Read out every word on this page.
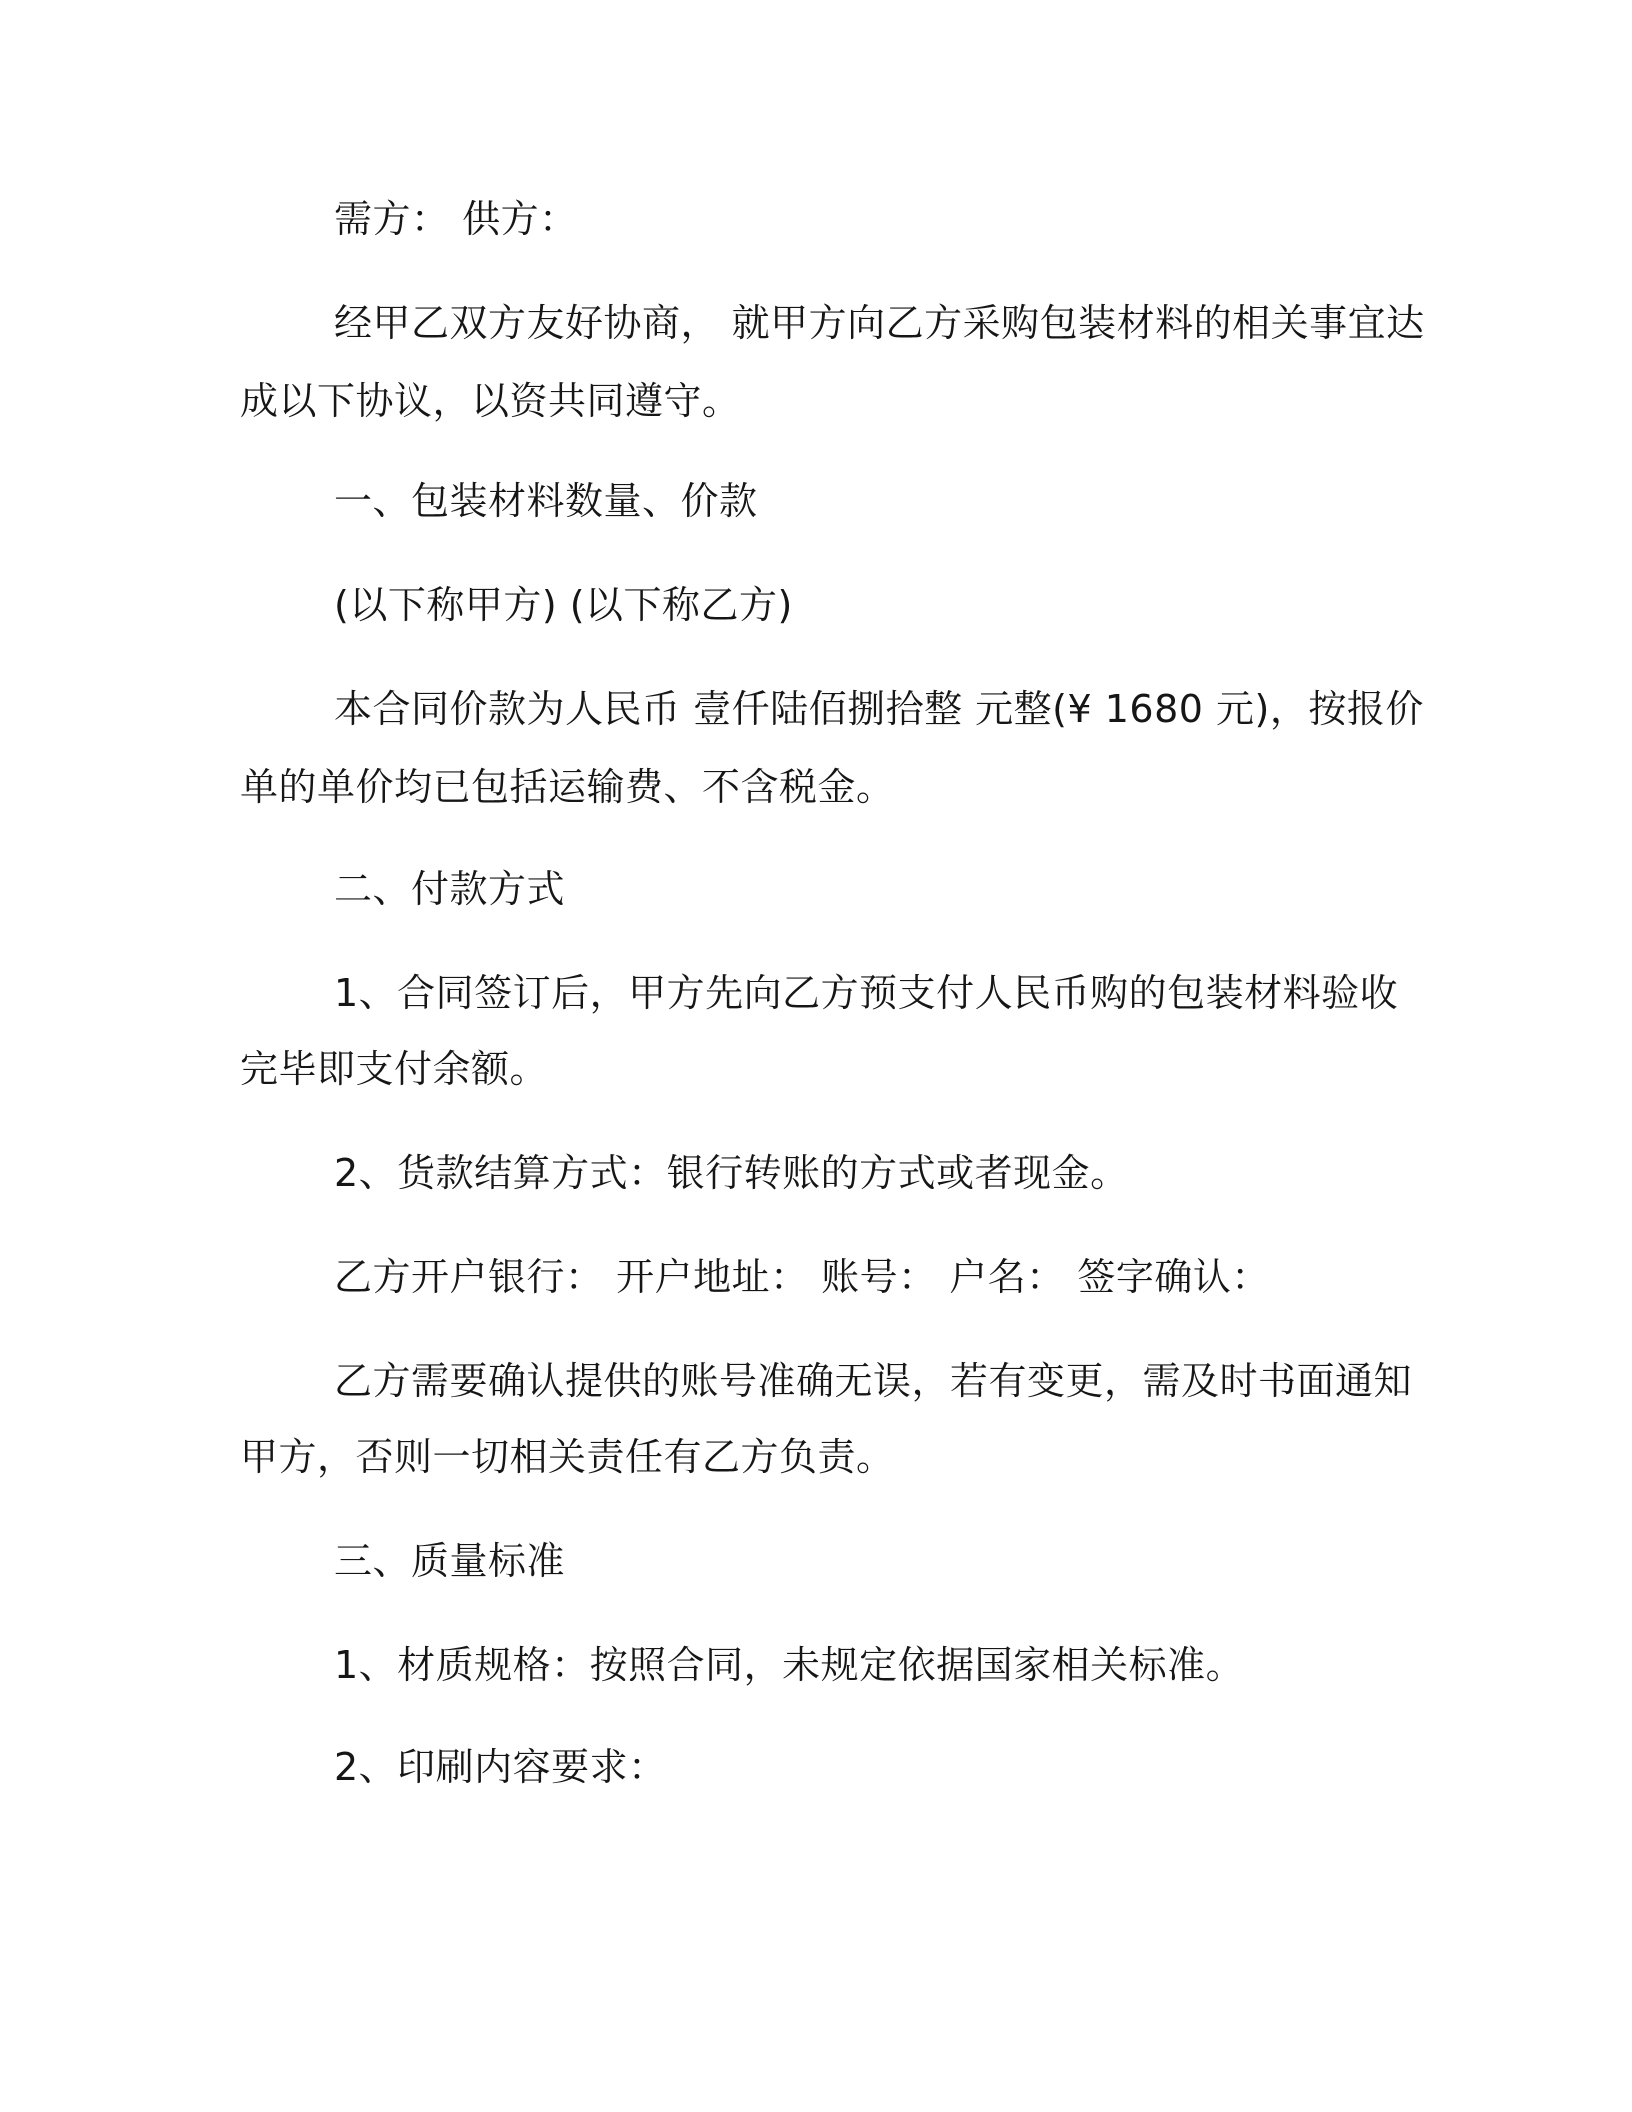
需方： 供方：

经甲乙双方友好协商， 就甲方向乙方采购包装材料的相关事宜达

成以下协议，以资共同遵守。

一、包装材料数量、价款

(以下称甲方) (以下称乙方)

本合同价款为人民币 壹仟陆佰捌拾整 元整(¥ 1680 元)，按报价

单的单价均已包括运输费、不含税金。

二、付款方式

1、合同签订后，甲方先向乙方预支付人民币购的包装材料验收

完毕即支付余额。

2、货款结算方式：银行转账的方式或者现金。

乙方开户银行： 开户地址： 账号： 户名： 签字确认：

乙方需要确认提供的账号准确无误，若有变更，需及时书面通知

甲方，否则一切相关责任有乙方负责。

三、质量标准

1、材质规格：按照合同，未规定依据国家相关标准。

2、印刷内容要求：
